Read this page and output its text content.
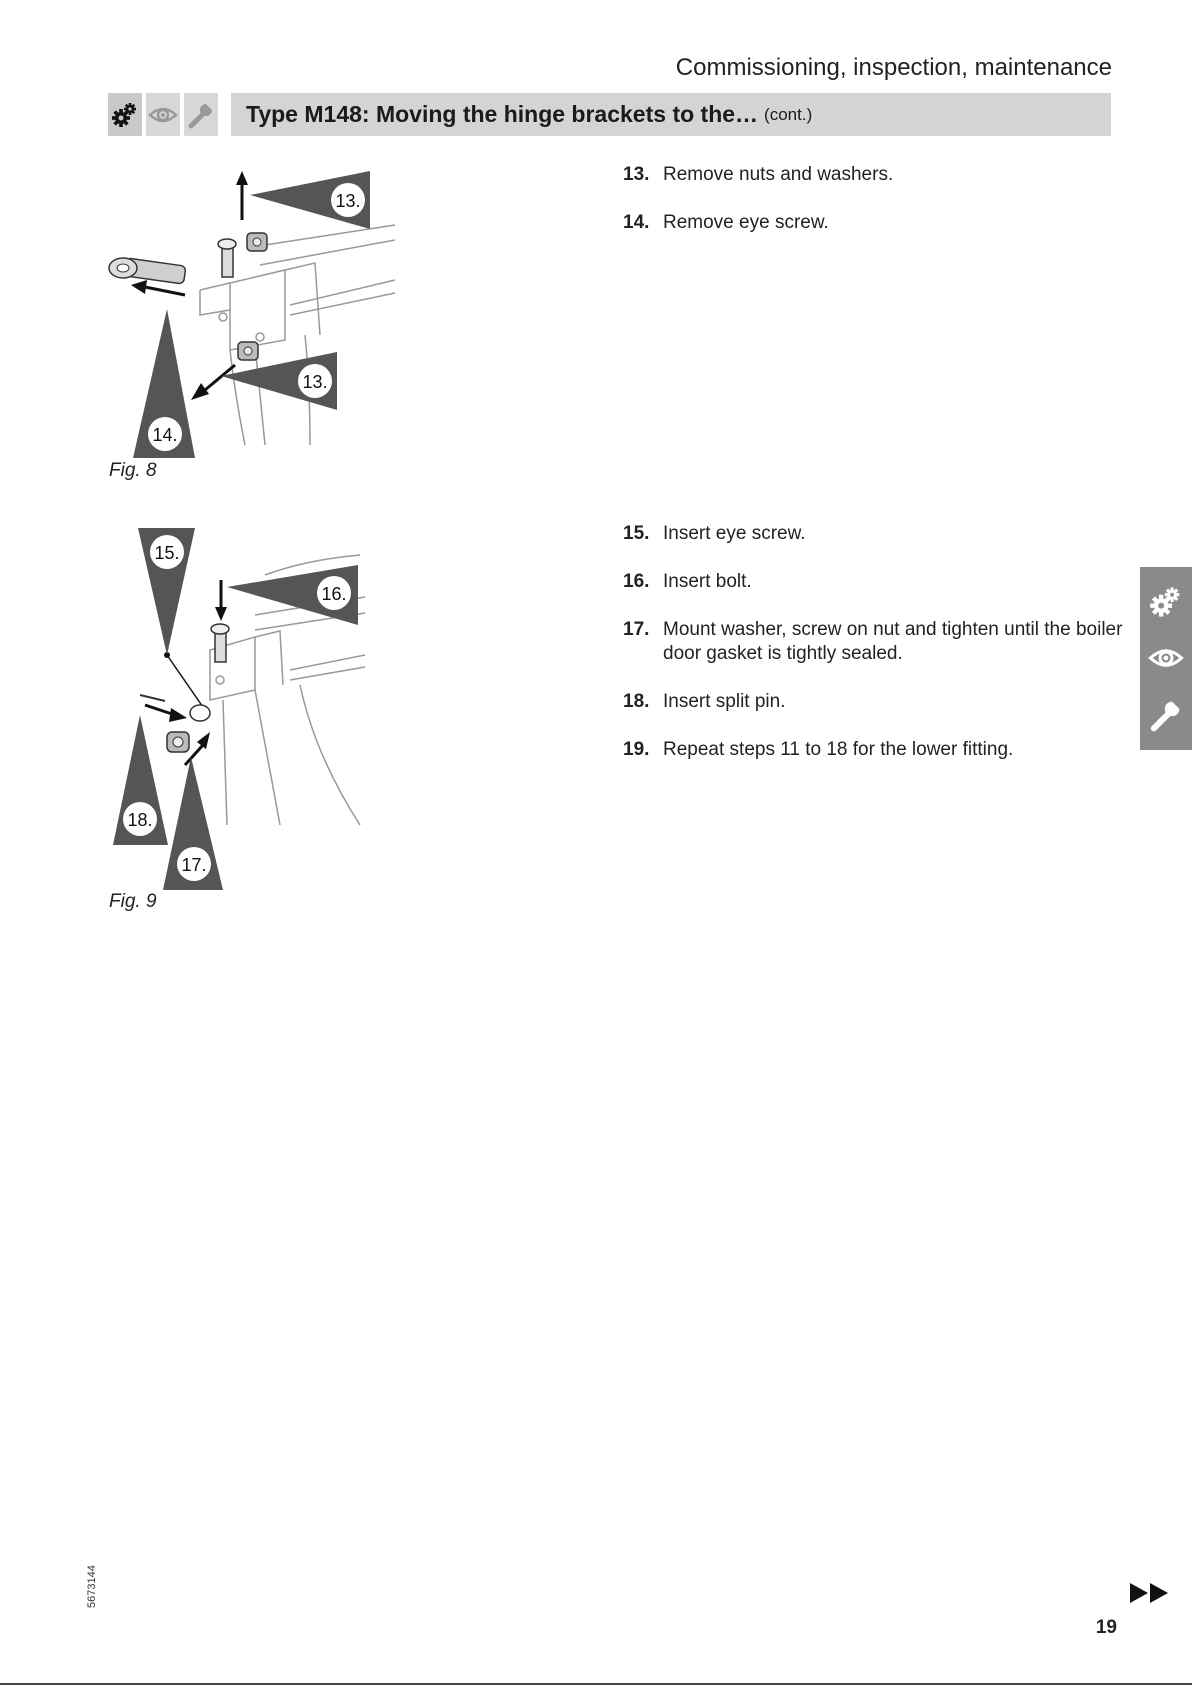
Commissioning, inspection, maintenance
Type M148: Moving the hinge brackets to the… (cont.)
13.
13.
14.
Fig. 8
13. Remove nuts and washers.
14. Remove eye screw.
15.
16.
18.
17.
Fig. 9
15. Insert eye screw.
16. Insert bolt.
17. Mount washer, screw on nut and tighten until the boiler door gasket is tightly sealed.
18. Insert split pin.
19. Repeat steps 11 to 18 for the lower fitting.
5673144
19
